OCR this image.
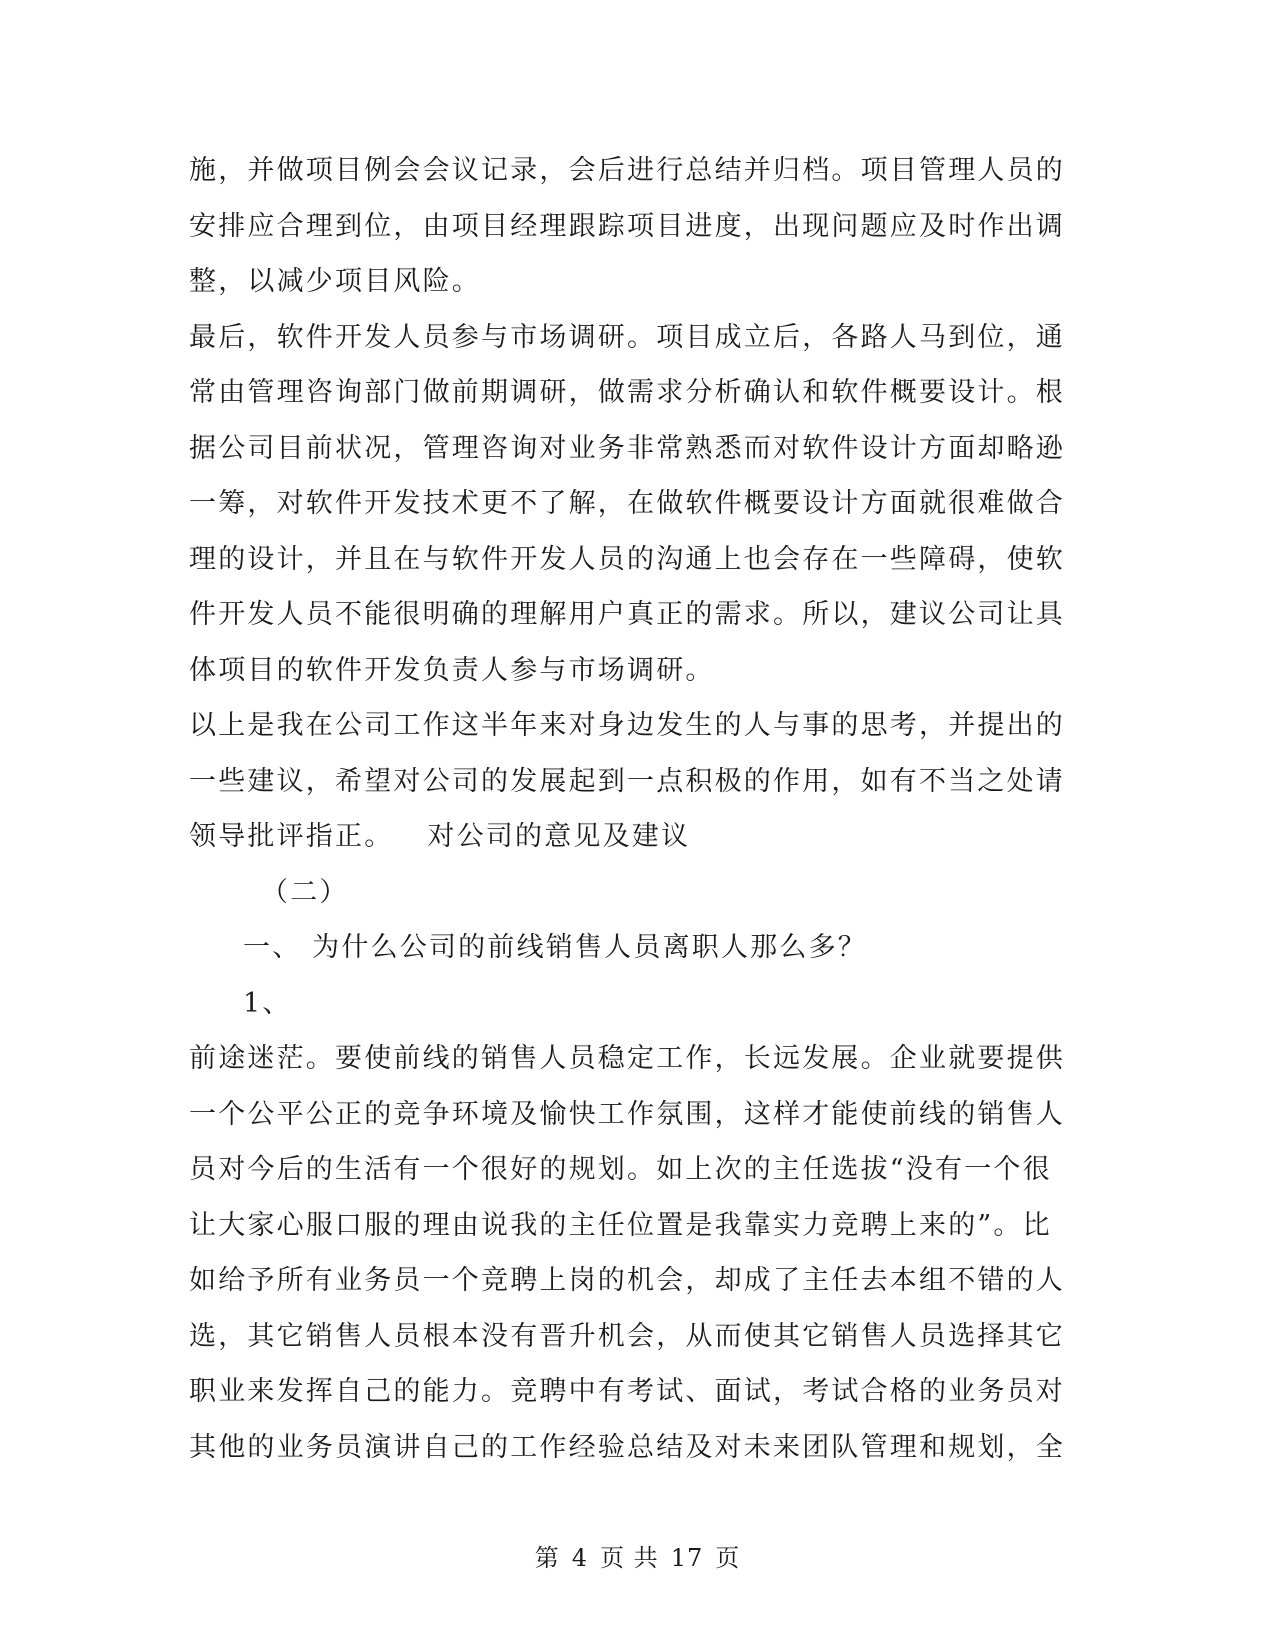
施，并做项目例会会议记录，会后进行总结并归档。项目管理人员的
安排应合理到位，由项目经理跟踪项目进度，出现问题应及时作出调
整，以减少项目风险。
最后，软件开发人员参与市场调研。项目成立后，各路人马到位，通
常由管理咨询部门做前期调研，做需求分析确认和软件概要设计。根
据公司目前状况，管理咨询对业务非常熟悉而对软件设计方面却略逊
一筹，对软件开发技术更不了解，在做软件概要设计方面就很难做合
理的设计，并且在与软件开发人员的沟通上也会存在一些障碍，使软
件开发人员不能很明确的理解用户真正的需求。所以，建议公司让具
体项目的软件开发负责人参与市场调研。
以上是我在公司工作这半年来对身边发生的人与事的思考，并提出的
一些建议，希望对公司的发展起到一点积极的作用，如有不当之处请
领导批评指正。 对公司的意见及建议
（二）
一、 为什么公司的前线销售人员离职人那么多？
1、
前途迷茫。要使前线的销售人员稳定工作，长远发展。企业就要提供
一个公平公正的竞争环境及愉快工作氛围，这样才能使前线的销售人
员对今后的生活有一个很好的规划。如上次的主任选拔“没有一个很
让大家心服口服的理由说我的主任位置是我靠实力竞聘上来的”。比
如给予所有业务员一个竞聘上岗的机会，却成了主任去本组不错的人
选，其它销售人员根本没有晋升机会，从而使其它销售人员选择其它
职业来发挥自己的能力。竞聘中有考试、面试，考试合格的业务员对
其他的业务员演讲自己的工作经验总结及对未来团队管理和规划，全
第 4 页 共 17 页
